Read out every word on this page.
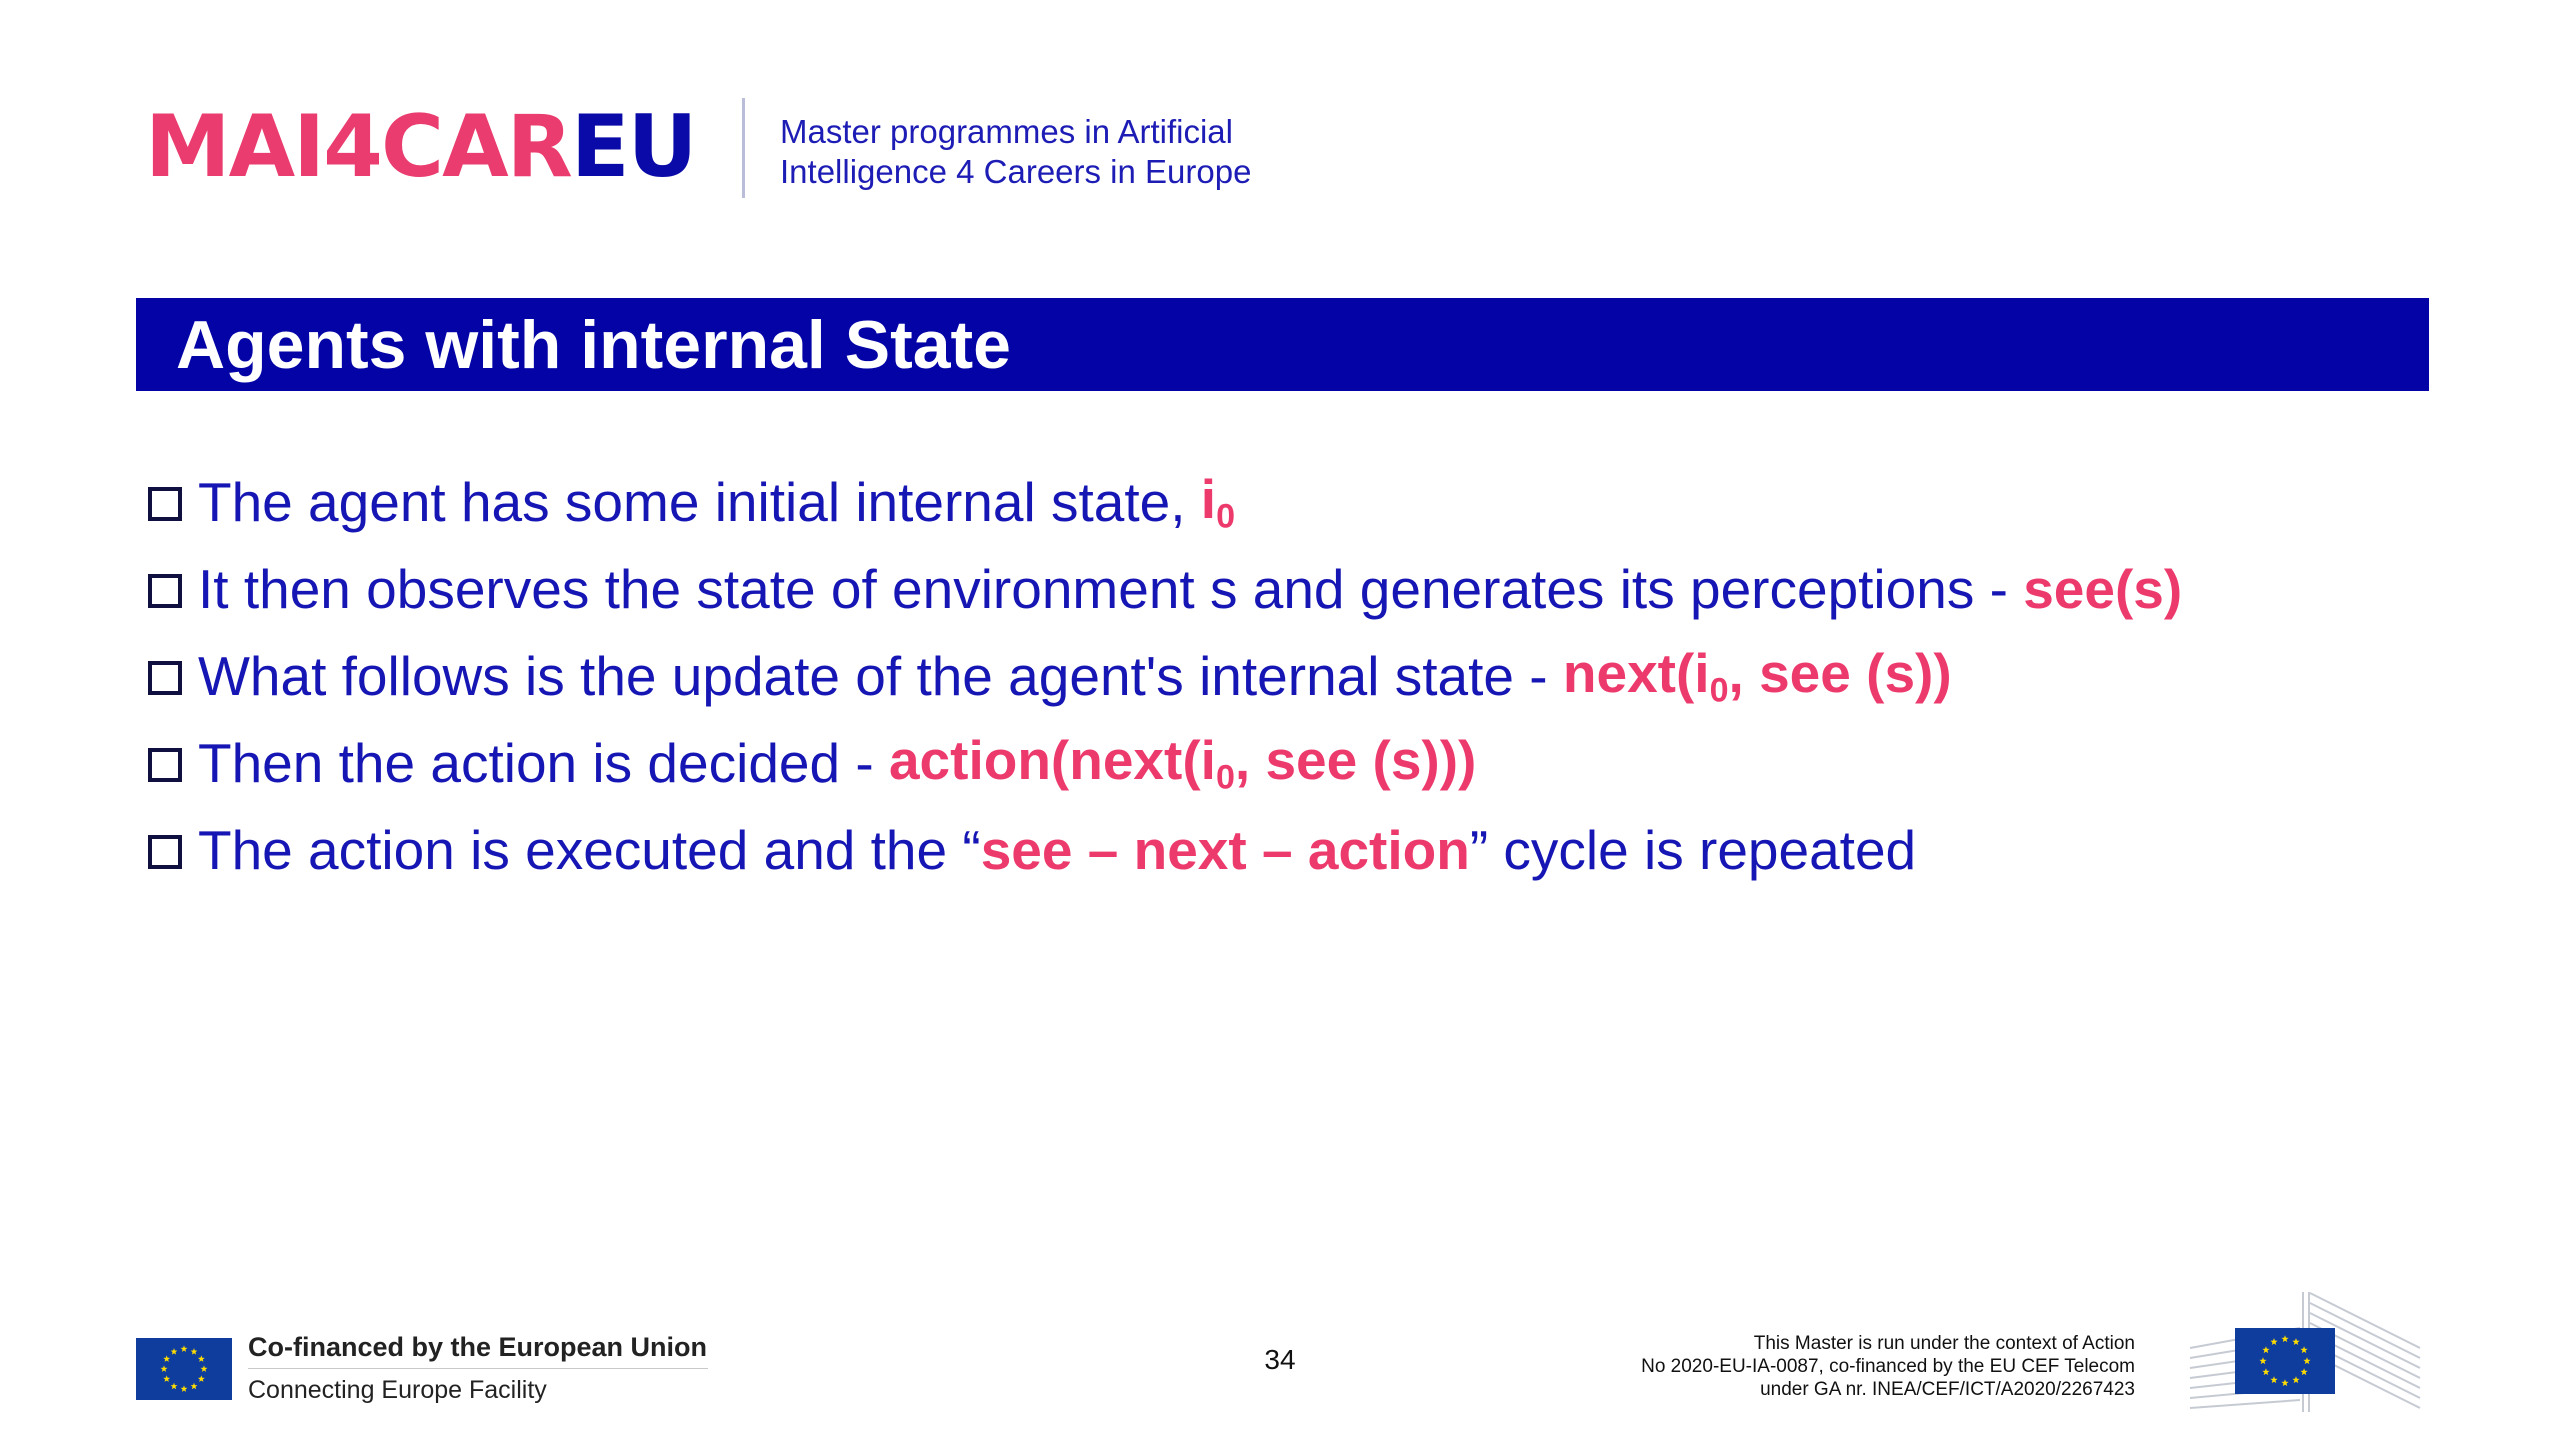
MAI4CAR EU	Master programmes in Artificial
Intelligence 4 Careers in Europe
Agents with internal State
The agent has some initial internal state, $i_0$
It then observes the state of environment s and generates its perceptions - see(s)
What follows is the update of the agent's internal state - $next(i_0$, see (s))
Then the action is decided - $action(next(i_0$, see (s)))
The action is executed and the “ see – next – action ” cycle is repeated
Co-financed by the European Union
Connecting Europe Facility
34
This Master is run under the context of Action
No 2020-EU-IA-0087, co-financed by the EU CEF Telecom
under GA nr. INEA/CEF/ICT/A2020/2267423
